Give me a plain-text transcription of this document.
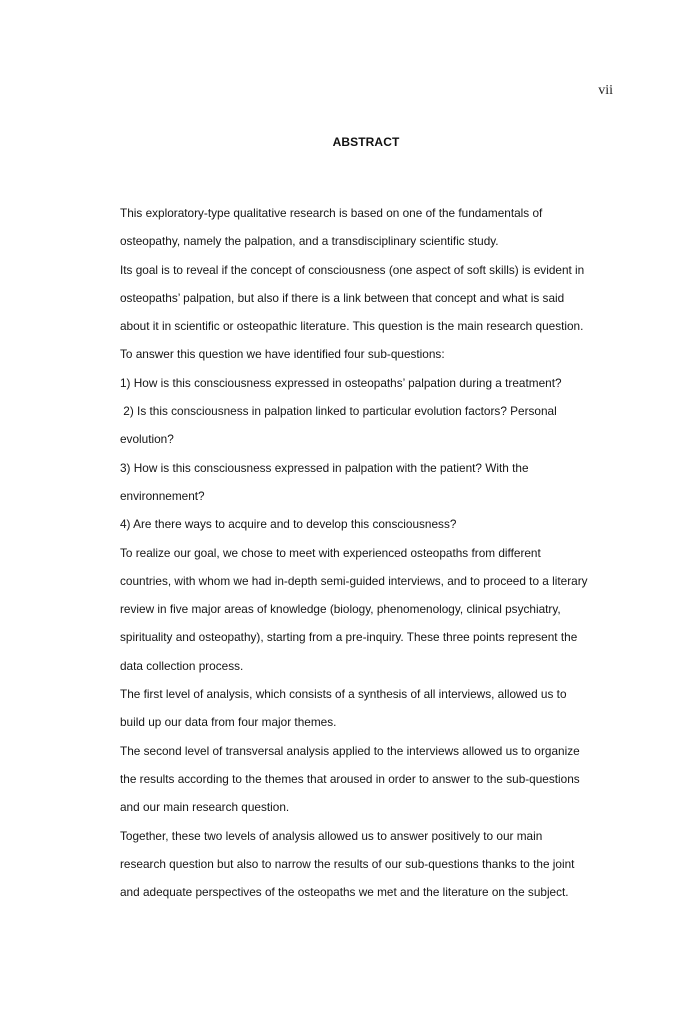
vii
ABSTRACT
This exploratory-type qualitative research is based on one of the fundamentals of
osteopathy, namely the palpation, and a transdisciplinary scientific study.
Its goal is to reveal if the concept of consciousness (one aspect of soft skills) is evident in
osteopaths’ palpation, but also if there is a link between that concept and what is said
about it in scientific or osteopathic literature. This question is the main research question.
To answer this question we have identified four sub-questions:
1) How is this consciousness expressed in osteopaths’ palpation during a treatment?
2) Is this consciousness in palpation linked to particular evolution factors? Personal
evolution?
3) How is this consciousness expressed in palpation with the patient? With the
environnement?
4) Are there ways to acquire and to develop this consciousness?
To realize our goal, we chose to meet with experienced osteopaths from different
countries, with whom we had in-depth semi-guided interviews, and to proceed to a literary
review in five major areas of knowledge (biology, phenomenology, clinical psychiatry,
spirituality and osteopathy), starting from a pre-inquiry. These three points represent the
data collection process.
The first level of analysis, which consists of a synthesis of all interviews, allowed us to
build up our data from four major themes.
The second level of transversal analysis applied to the interviews allowed us to organize
the results according to the themes that aroused in order to answer to the sub-questions
and our main research question.
Together, these two levels of analysis allowed us to answer positively to our main
research question but also to narrow the results of our sub-questions thanks to the joint
and adequate perspectives of the osteopaths we met and the literature on the subject.
